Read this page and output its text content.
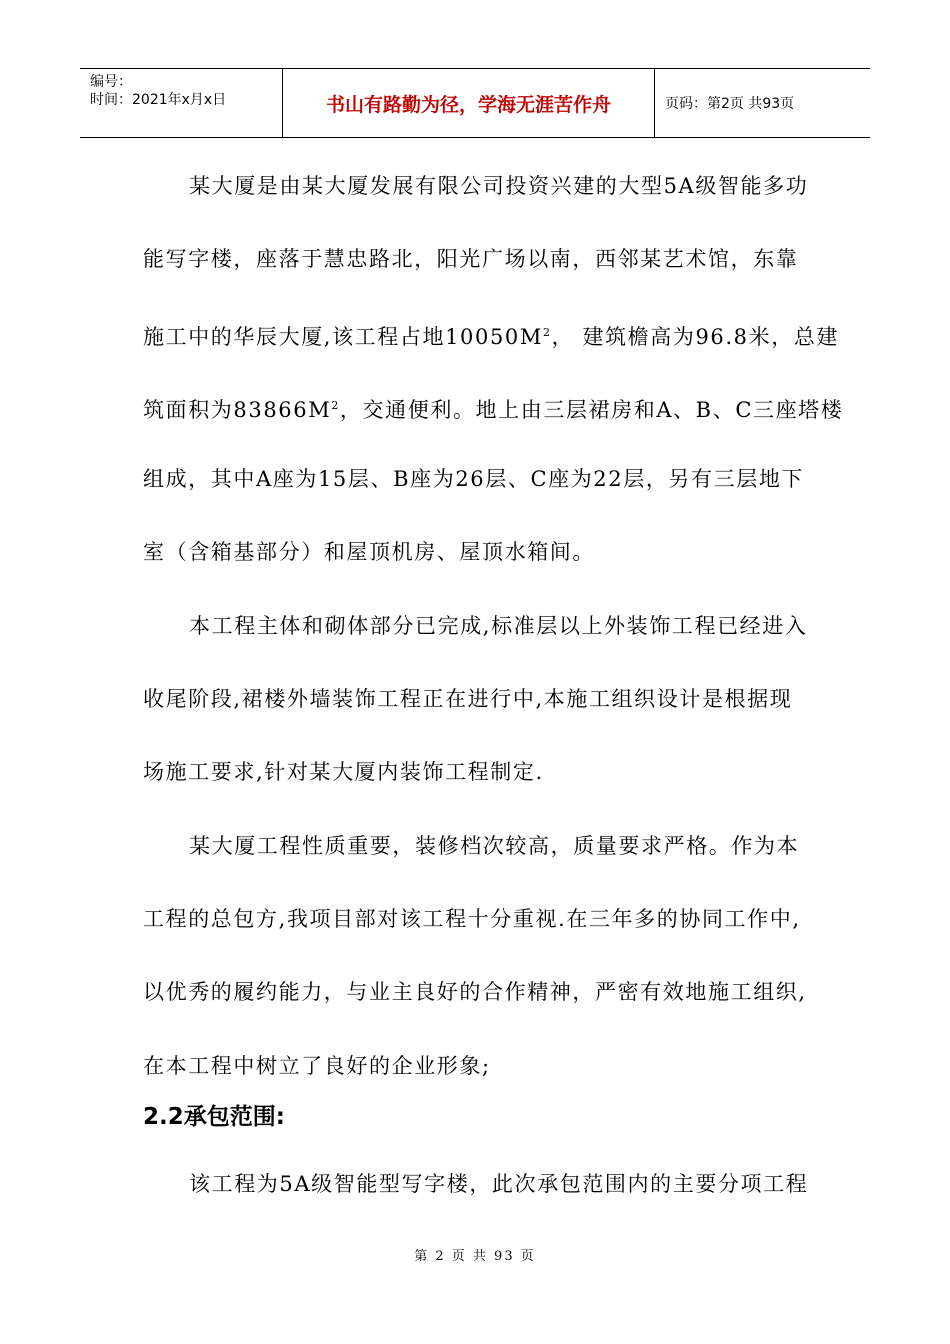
编号：
时间：2021年x月x日	书山有路勤为径，学海无涯苦作舟	页码：第2页 共93页
某大厦是由某大厦发展有限公司投资兴建的大型5A级智能多功
能写字楼，座落于慧忠路北，阳光广场以南，西邻某艺术馆，东靠
施工中的华辰大厦,该工程占地$10050M^2$， 建筑檐高为96.8米，总建
筑面积为$83866M^2$，交通便利。地上由三层裙房和A、B、C三座塔楼
组成，其中A座为15层、B座为26层、C座为22层，另有三层地下
室（含箱基部分）和屋顶机房、屋顶水箱间。
本工程主体和砌体部分已完成,标准层以上外装饰工程已经进入
收尾阶段,裙楼外墙装饰工程正在进行中,本施工组织设计是根据现
场施工要求,针对某大厦内装饰工程制定.
某大厦工程性质重要，装修档次较高，质量要求严格。作为本
工程的总包方,我项目部对该工程十分重视.在三年多的协同工作中,
以优秀的履约能力，与业主良好的合作精神，严密有效地施工组织,
在本工程中树立了良好的企业形象;
2.2承包范围:
该工程为5A级智能型写字楼，此次承包范围内的主要分项工程
第 2 页 共 93 页
